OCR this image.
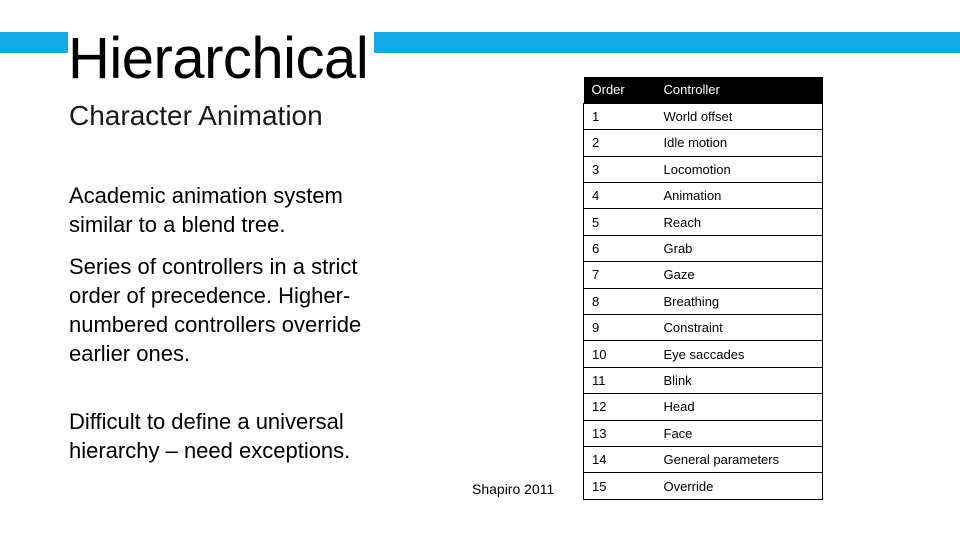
Hierarchical
Character Animation

Academic animation system similar to a blend tree.

Series of controllers in a strict order of precedence. Higher-numbered controllers override earlier ones.

Difficult to define a universal hierarchy – need exceptions.

Shapiro 2011
Order	Controller
1	World offset
2	Idle motion
3	Locomotion
4	Animation
5	Reach
6	Grab
7	Gaze
8	Breathing
9	Constraint
10	Eye saccades
11	Blink
12	Head
13	Face
14	General parameters
15	Override
